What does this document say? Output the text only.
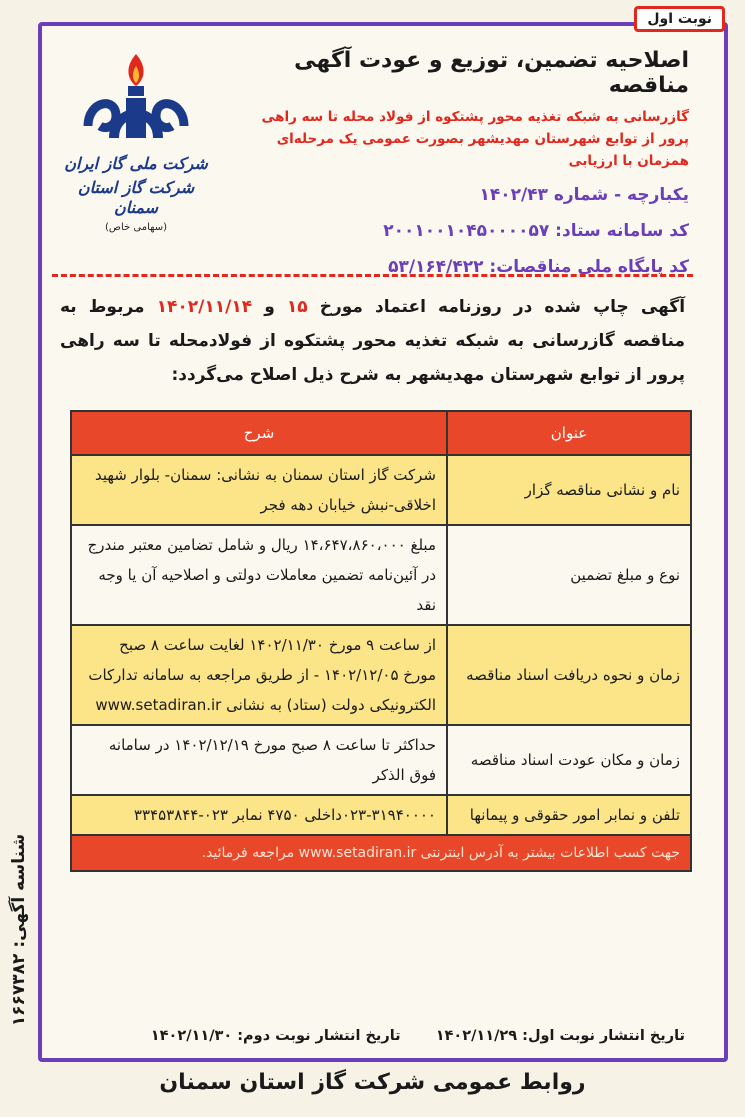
نوبت اول
شرکت ملی گاز ایران
شرکت گاز استان سمنان
(سهامی خاص)
اصلاحیه تضمین، توزیع و عودت آگهی مناقصه
گازرسانی به شبکه تغذیه محور پشتکوه از فولاد محله تا سه راهی پرور از توابع شهرستان مهدیشهر بصورت عمومی یک مرحله‌ای همزمان با ارزیابی
یکبارچه - شماره ۱۴۰۲/۴۳
کد سامانه ستاد: ۲۰۰۱۰۰۱۰۴۵۰۰۰۰۵۷
کد پایگاه ملی مناقصات: ۵۳/۱۶۴/۴۲۲
آگهی چاپ شده در روزنامه اعتماد مورخ ۱۵ و ۱۴۰۲/۱۱/۱۴ مربوط به مناقصه گازرسانی به شبکه تغذیه محور پشتکوه از فولادمحله تا سه راهی پرور از توابع شهرستان مهدیشهر به شرح ذیل اصلاح می‌گردد:
عنوان	شرح
نام و نشانی مناقصه گزار	شرکت گاز استان سمنان به نشانی: سمنان- بلوار شهید اخلاقی-نبش خیابان دهه فجر
نوع و مبلغ تضمین	مبلغ ۱۴،۶۴۷،۸۶۰،۰۰۰ ریال و شامل تضامین معتبر مندرج در آئین‌نامه تضمین معاملات دولتی و اصلاحیه آن یا وجه نقد
زمان و نحوه دریافت اسناد مناقصه	از ساعت ۹ مورخ ۱۴۰۲/۱۱/۳۰ لغایت ساعت ۸ صبح مورخ ۱۴۰۲/۱۲/۰۵ - از طریق مراجعه به سامانه تدارکات الکترونیکی دولت (ستاد) به نشانی www.setadiran.ir
زمان و مکان عودت اسناد مناقصه	حداکثر تا ساعت ۸ صبح مورخ ۱۴۰۲/۱۲/۱۹ در سامانه فوق الذکر
تلفن و نمابر امور حقوقی و پیمانها	۰۲۳-۳۱۹۴۰۰۰۰داخلی ۴۷۵۰ نمابر ۰۲۳-۳۳۴۵۳۸۴۴
جهت کسب اطلاعات بیشتر به آدرس اینترنتی www.setadiran.ir مراجعه فرمائید.	
تاریخ انتشار نوبت اول: ۱۴۰۲/۱۱/۲۹ تاریخ انتشار نوبت دوم: ۱۴۰۲/۱۱/۳۰
شناسه آگهی: ۱۶۶۷۳۸۲
روابط عمومی شرکت گاز استان سمنان
